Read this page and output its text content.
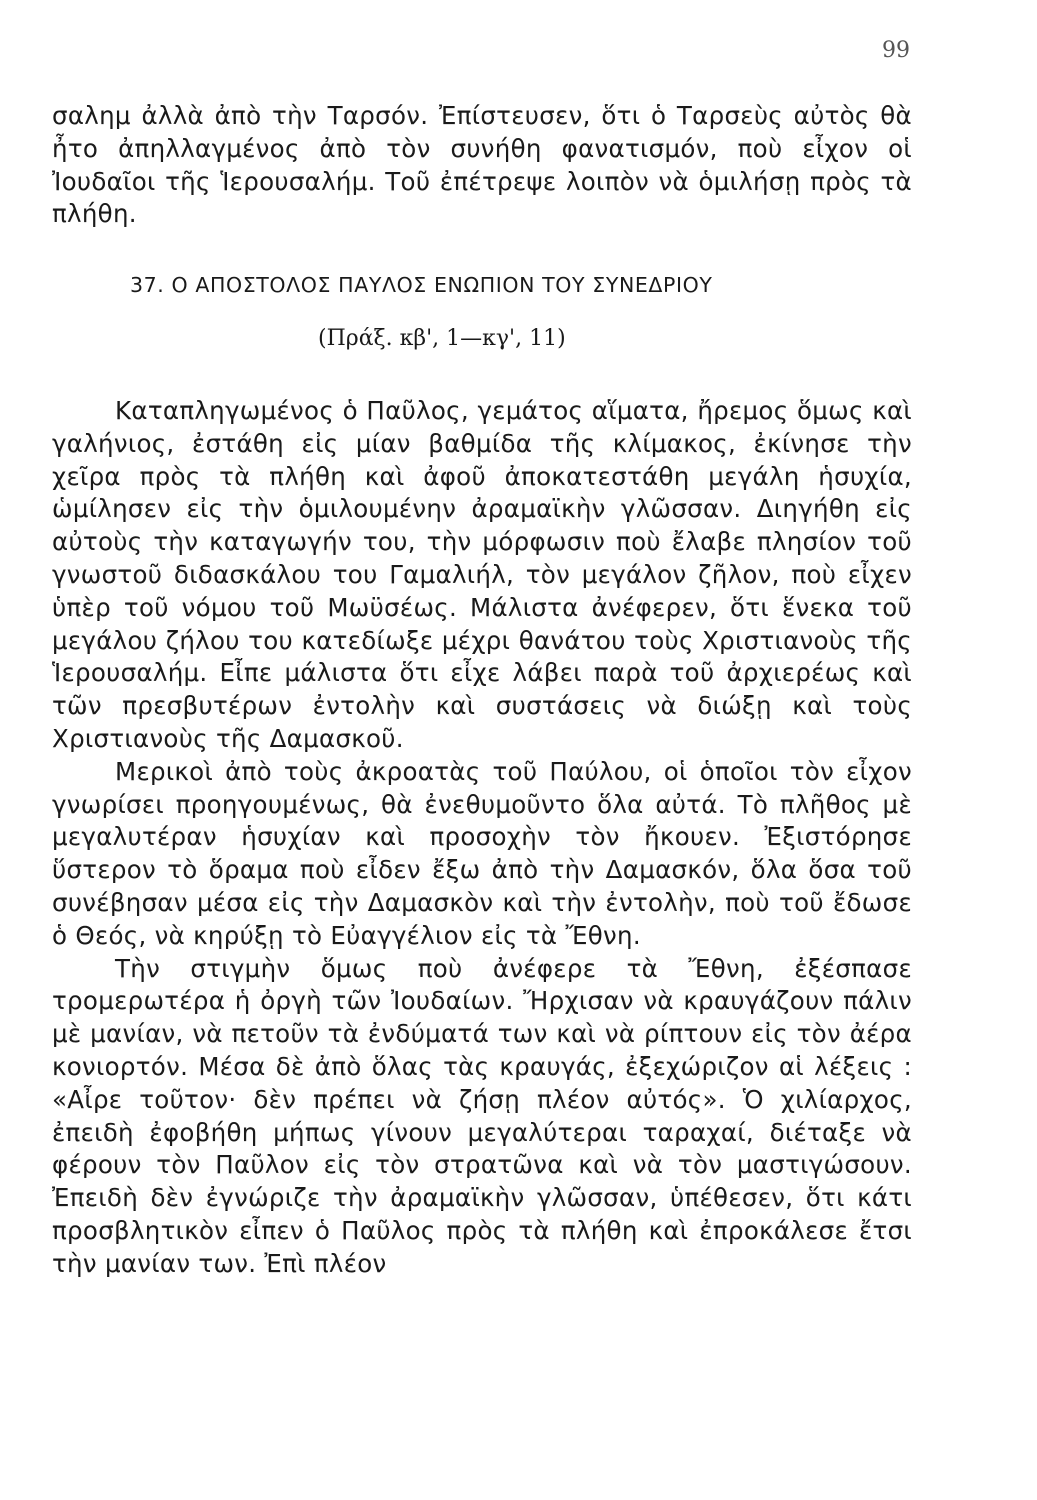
99

σαλημ ἀλλὰ ἀπὸ τὴν Ταρσόν. Ἐπίστευσεν, ὅτι ὁ Ταρσεὺς αὐτὸς θὰ ἦτο ἀπηλλαγμένος ἀπὸ τὸν συνήθη φανατισμόν, ποὺ εἶχον οἱ Ἰουδαῖοι τῆς Ἱερουσαλήμ. Τοῦ ἐπέτρεψε λοιπὸν νὰ ὁμιλήσῃ πρὸς τὰ πλήθη.

37. Ο ΑΠΟΣΤΟΛΟΣ ΠΑΥΛΟΣ ΕΝΩΠΙΟΝ ΤΟΥ ΣΥΝΕΔΡΙΟΥ
(Πράξ. κβ', 1—κγ', 11)

Καταπληγωμένος ὁ Παῦλος, γεμάτος αἵματα, ἤρεμος ὅμως καὶ γαλήνιος, ἐστάθη εἰς μίαν βαθμίδα τῆς κλίμακος, ἐκίνησε τὴν χεῖρα πρὸς τὰ πλήθη καὶ ἀφοῦ ἀποκατεστάθη μεγάλη ἡσυχία, ὡμίλησεν εἰς τὴν ὁμιλουμένην ἀραμαϊκὴν γλῶσσαν. Διηγήθη εἰς αὐτοὺς τὴν καταγωγήν του, τὴν μόρφωσιν ποὺ ἔλαβε πλησίον τοῦ γνωστοῦ διδασκάλου του Γαμαλιήλ, τὸν μεγάλον ζῆλον, ποὺ εἶχεν ὑπὲρ τοῦ νόμου τοῦ Μωϋσέως. Μάλιστα ἀνέφερεν, ὅτι ἕνεκα τοῦ μεγάλου ζήλου του κατεδίωξε μέχρι θανάτου τοὺς Χριστιανοὺς τῆς Ἱερουσαλήμ. Εἶπε μάλιστα ὅτι εἶχε λάβει παρὰ τοῦ ἀρχιερέως καὶ τῶν πρεσβυτέρων ἐντολὴν καὶ συστάσεις νὰ διώξῃ καὶ τοὺς Χριστιανοὺς τῆς Δαμασκοῦ.

Μερικοὶ ἀπὸ τοὺς ἀκροατὰς τοῦ Παύλου, οἱ ὁποῖοι τὸν εἶχον γνωρίσει προηγουμένως, θὰ ἐνεθυμοῦντο ὅλα αὐτά. Τὸ πλῆθος μὲ μεγαλυτέραν ἡσυχίαν καὶ προσοχὴν τὸν ἤκουεν. Ἐξιστόρησε ὕστερον τὸ ὅραμα ποὺ εἶδεν ἔξω ἀπὸ τὴν Δαμασκόν, ὅλα ὅσα τοῦ συνέβησαν μέσα εἰς τὴν Δαμασκὸν καὶ τὴν ἐντολὴν, ποὺ τοῦ ἔδωσε ὁ Θεός, νὰ κηρύξῃ τὸ Εὐαγγέλιον εἰς τὰ Ἔθνη.

Τὴν στιγμὴν ὅμως ποὺ ἀνέφερε τὰ Ἔθνη, ἐξέσπασε τρομερωτέρα ἡ ὀργὴ τῶν Ἰουδαίων. Ἤρχισαν νὰ κραυγάζουν πάλιν μὲ μανίαν, νὰ πετοῦν τὰ ἐνδύματά των καὶ νὰ ρίπτουν εἰς τὸν ἀέρα κονιορτόν. Μέσα δὲ ἀπὸ ὅλας τὰς κραυγάς, ἐξεχώριζον αἱ λέξεις : «Αἶρε τοῦτον· δὲν πρέπει νὰ ζήσῃ πλέον αὐτός». Ὁ χιλίαρχος, ἐπειδὴ ἐφοβήθη μήπως γίνουν μεγαλύτεραι ταραχαί, διέταξε νὰ φέρουν τὸν Παῦλον εἰς τὸν στρατῶνα καὶ νὰ τὸν μαστιγώσουν. Ἐπειδὴ δὲν ἐγνώριζε τὴν ἀραμαϊκὴν γλῶσσαν, ὑπέθεσεν, ὅτι κάτι προσβλητικὸν εἶπεν ὁ Παῦλος πρὸς τὰ πλήθη καὶ ἐπροκάλεσε ἔτσι τὴν μανίαν των. Ἐπὶ πλέον
